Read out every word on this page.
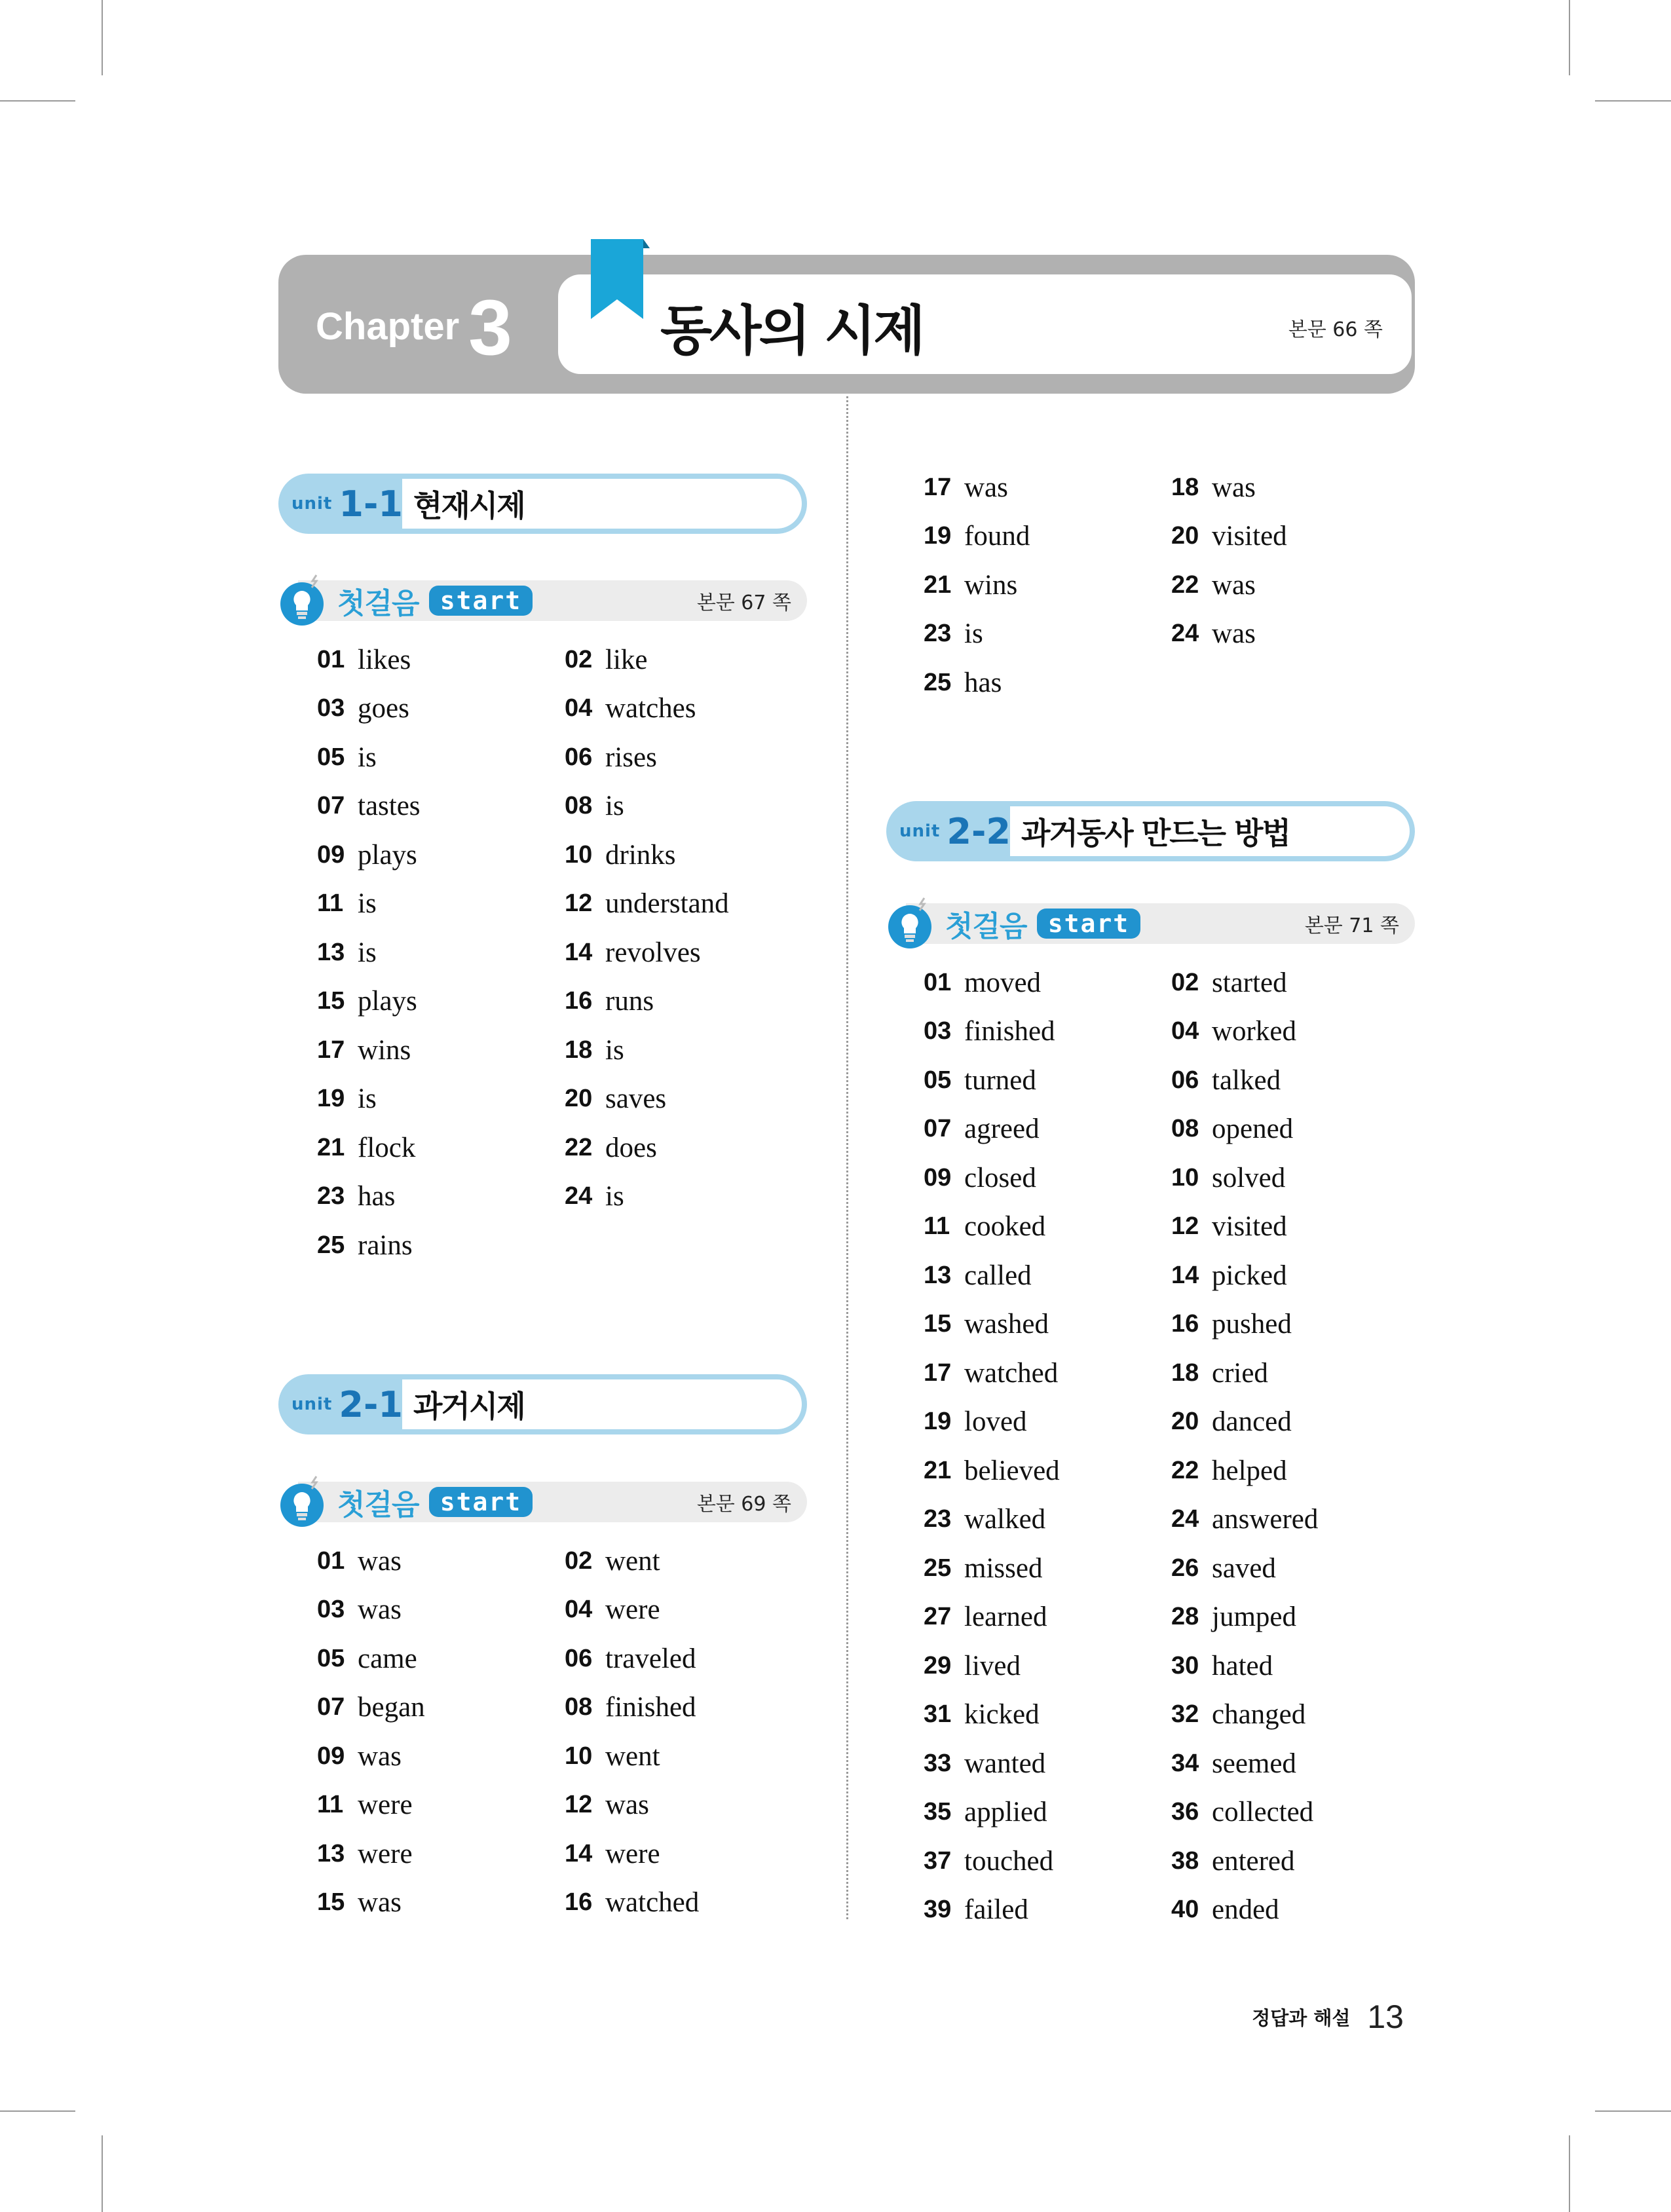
Chapter 3	동사의 시제	본문 66 쪽
unit 1-1 현재시제
첫걸음 start	본문 67 쪽
01 likes	02 like
03 goes	04 watches
05 is	06 rises
07 tastes	08 is
09 plays	10 drinks
11 is	12 understand
13 is	14 revolves
15 plays	16 runs
17 wins	18 is
19 is	20 saves
21 flock	22 does
23 has	24 is
25 rains
unit 2-1 과거시제
첫걸음 start	본문 69 쪽
01 was	02 went
03 was	04 were
05 came	06 traveled
07 began	08 finished
09 was	10 went
11 were	12 was
13 were	14 were
15 was	16 watched
17 was	18 was
19 found	20 visited
21 wins	22 was
23 is	24 was
25 has
unit 2-2 과거동사 만드는 방법
첫걸음 start	본문 71 쪽
01 moved	02 started
03 finished	04 worked
05 turned	06 talked
07 agreed	08 opened
09 closed	10 solved
11 cooked	12 visited
13 called	14 picked
15 washed	16 pushed
17 watched	18 cried
19 loved	20 danced
21 believed	22 helped
23 walked	24 answered
25 missed	26 saved
27 learned	28 jumped
29 lived	30 hated
31 kicked	32 changed
33 wanted	34 seemed
35 applied	36 collected
37 touched	38 entered
39 failed	40 ended
정답과 해설 13
